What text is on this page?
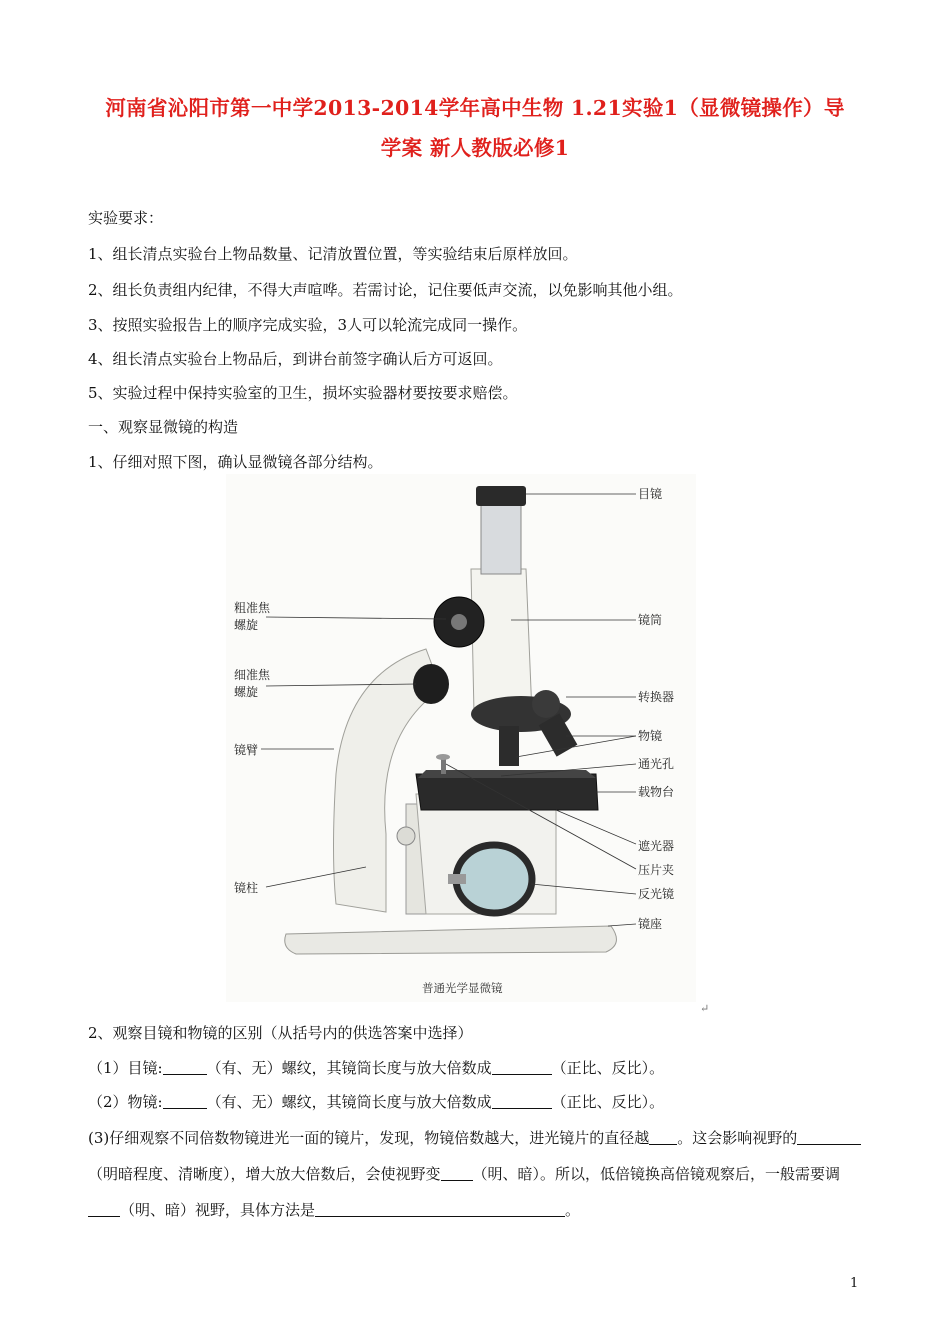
河南省沁阳市第一中学2013-2014学年高中生物 1.21实验1（显微镜操作）导
学案 新人教版必修1
实验要求：
1、组长清点实验台上物品数量、记清放置位置，等实验结束后原样放回。
2、组长负责组内纪律，不得大声喧哗。若需讨论，记住要低声交流，以免影响其他小组。
3、按照实验报告上的顺序完成实验，3人可以轮流完成同一操作。
4、组长清点实验台上物品后，到讲台前签字确认后方可返回。
5、实验过程中保持实验室的卫生，损坏实验器材要按要求赔偿。
一、观察显微镜的构造
1、仔细对照下图，确认显微镜各部分结构。
粗准焦
螺旋
细准焦
螺旋
镜臂
镜柱
目镜
镜筒
转换器
物镜
通光孔
载物台
遮光器
压片夹
反光镜
镜座
普通光学显微镜
↵
2、观察目镜和物镜的区别（从括号内的供选答案中选择）
（1）目镜:	（有、无）螺纹，其镜筒长度与放大倍数成	（正比、反比）。
（2）物镜:	（有、无）螺纹，其镜筒长度与放大倍数成	（正比、反比）。
(3)仔细观察不同倍数物镜进光一面的镜片，发现，物镜倍数越大，进光镜片的直径越 。这会影响视野的（明暗程度、清晰度），增大放大倍数后，会使视野变 （明、暗）。所以，低倍镜换高倍镜观察后，一般需要调（明、暗）视野，具体方法是	。
1
